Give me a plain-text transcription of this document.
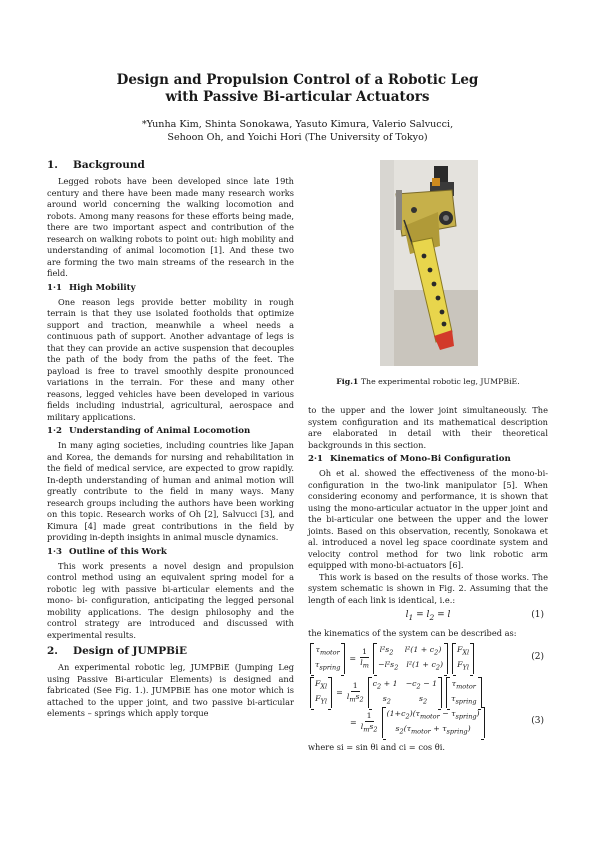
Design and Propulsion Control of a Robotic Leg
with Passive Bi-articular Actuators
*Yunha Kim, Shinta Sonokawa, Yasuto Kimura, Valerio Salvucci,
Sehoon Oh, and Yoichi Hori (The University of Tokyo)
1. Background

Legged robots have been developed since late 19th century and there have been made many research works around world concerning the walking locomotion and robots. Among many reasons for these efforts being made, there are two important aspect and contribution of the research on walking robots to point out: high mobility and understanding of animal locomotion [1]. And these two are forming the two main streams of the research in the field.

1·1 High Mobility

One reason legs provide better mobility in rough terrain is that they use isolated footholds that optimize support and traction, meanwhile a wheel needs a continuous path of support. Another advantage of legs is that they can provide an active suspension that decouples the path of the body from the paths of the feet. The payload is free to travel smoothly despite pronounced variations in the terrain. For these and many other reasons, legged vehicles have been developed in various fields including industrial, agricultural, aerospace and military applications.

1·2 Understanding of Animal Locomotion

In many aging societies, including countries like Japan and Korea, the demands for nursing and rehabilitation in the field of medical service, are expected to grow rapidly. In-depth understanding of human and animal motion will greatly contribute to the field in many ways. Many research groups including the authors have been working on this topic. Research works of Oh [2], Salvucci [3], and Kimura [4] made great contributions in the field by providing in-depth insights in animal muscle dynamics.

1·3 Outline of this Work

This work presents a novel design and propulsion control method using an equivalent spring model for a robotic leg with passive bi-articular elements and the mono- bi- configuration, anticipating the legged personal mobility applications. The design philosophy and the control strategy are introduced and discussed with experimental results.

2. Design of JUMPBiE

An experimental robotic leg, JUMPBiE (Jumping Leg using Passive Bi-articular Elements) is designed and fabricated (See Fig. 1.). JUMPBiE has one motor which is attached to the upper joint, and two passive bi-articular elements – springs which apply torque

Fig.1 The experimental robotic leg, JUMPBiE.

to the upper and the lower joint simultaneously. The system configuration and its mathematical description are elaborated in detail with their theoretical backgrounds in this section.

2·1 Kinematics of Mono-Bi Configuration

Oh et al. showed the effectiveness of the mono-bi-configuration in the two-link manipulator [5]. When considering economy and performance, it is shown that using the mono-articular actuator in the upper joint and the bi-articular one between the upper and the lower joints. Based on this observation, recently, Sonokawa et al. introduced a novel leg space coordinate system and velocity control method for two link robotic arm equipped with mono-bi-actuators [6].

This work is based on the results of those works. The system schematic is shown in Fig. 2. Assuming that the length of each link is identical, i.e.:

$l_1 = l_2 = l$	(1)

the kinematics of the system can be described as:

$\tau_{motor}$
$\tau_{spring}$
= $\frac{1}{l_m} l^2s_2$ $l^2(1 + c_2)$
$-l^2s_2$ $l^2(1 + c_2)$
$F_{Xl}$
$F_{Yl}$
(2)
$F_{Xl}$
$F_{Yl}$
= $\frac{1}{l_ms_2} c_2 + 1 -c_2 - 1$
$s_2$	$s_2$
$\tau_{motor}$
$\tau_{spring}$
= $\frac{1}{l_ms_2} (1+c_2)(\tau_{motor} - \tau_{spring})$
$s_2(\tau_{motor} + \tau_{spring})$
(3)

where si = sin θi and ci = cos θi.
